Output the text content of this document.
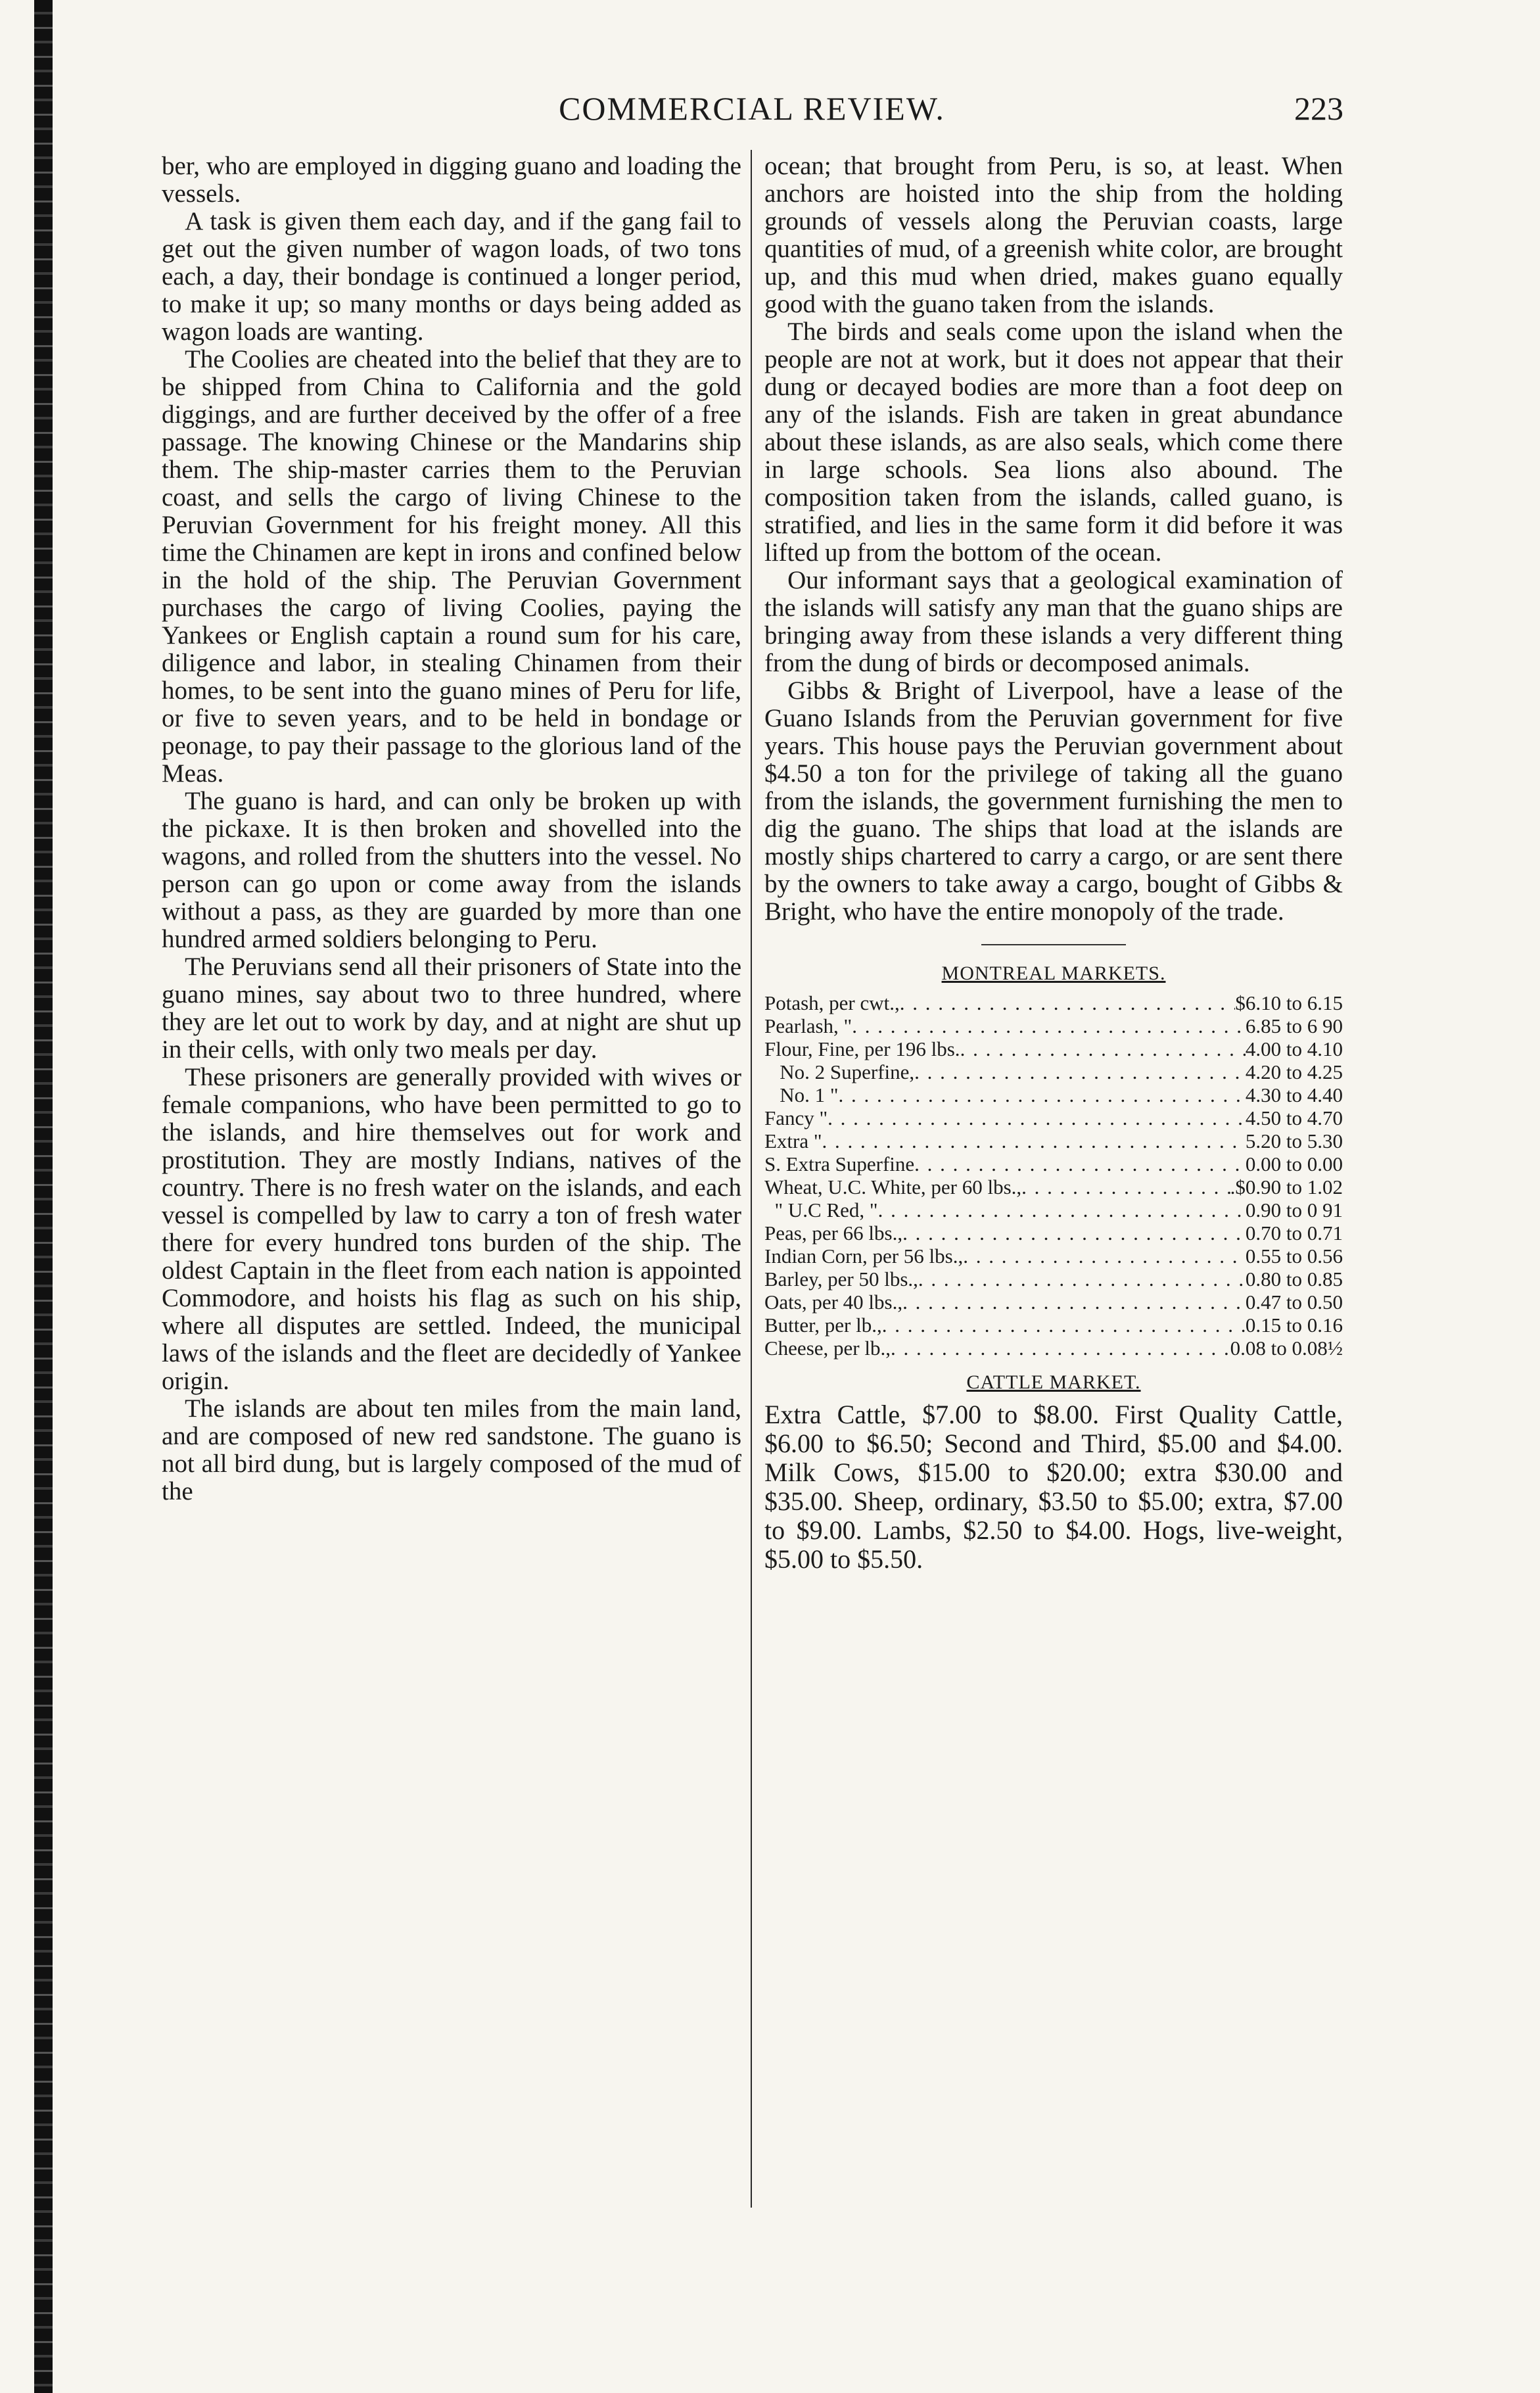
COMMERCIAL REVIEW.	223

ber, who are employed in digging guano and loading the vessels.

A task is given them each day, and if the gang fail to get out the given number of wagon loads, of two tons each, a day, their bondage is continued a longer period, to make it up; so many months or days being added as wagon loads are wanting.

The Coolies are cheated into the belief that they are to be shipped from China to California and the gold diggings, and are further deceived by the offer of a free passage. The knowing Chinese or the Mandarins ship them. The ship-master carries them to the Peruvian coast, and sells the cargo of living Chinese to the Peruvian Government for his freight money. All this time the Chinamen are kept in irons and confined below in the hold of the ship. The Peruvian Government purchases the cargo of living Coolies, paying the Yankees or English captain a round sum for his care, diligence and labor, in stealing Chinamen from their homes, to be sent into the guano mines of Peru for life, or five to seven years, and to be held in bondage or peonage, to pay their passage to the glorious land of the Meas.

The guano is hard, and can only be broken up with the pickaxe. It is then broken and shovelled into the wagons, and rolled from the shutters into the vessel. No person can go upon or come away from the islands without a pass, as they are guarded by more than one hundred armed soldiers belonging to Peru.

The Peruvians send all their prisoners of State into the guano mines, say about two to three hundred, where they are let out to work by day, and at night are shut up in their cells, with only two meals per day.

These prisoners are generally provided with wives or female companions, who have been permitted to go to the islands, and hire themselves out for work and prostitution. They are mostly Indians, natives of the country. There is no fresh water on the islands, and each vessel is compelled by law to carry a ton of fresh water there for every hundred tons burden of the ship. The oldest Captain in the fleet from each nation is appointed Commodore, and hoists his flag as such on his ship, where all disputes are settled. Indeed, the municipal laws of the islands and the fleet are decidedly of Yankee origin.

The islands are about ten miles from the main land, and are composed of new red sandstone. The guano is not all bird dung, but is largely composed of the mud of the

ocean; that brought from Peru, is so, at least. When anchors are hoisted into the ship from the holding grounds of vessels along the Peruvian coasts, large quantities of mud, of a greenish white color, are brought up, and this mud when dried, makes guano equally good with the guano taken from the islands.

The birds and seals come upon the island when the people are not at work, but it does not appear that their dung or decayed bodies are more than a foot deep on any of the islands. Fish are taken in great abundance about these islands, as are also seals, which come there in large schools. Sea lions also abound. The composition taken from the islands, called guano, is stratified, and lies in the same form it did before it was lifted up from the bottom of the ocean.

Our informant says that a geological examination of the islands will satisfy any man that the guano ships are bringing away from these islands a very different thing from the dung of birds or decomposed animals.

Gibbs & Bright of Liverpool, have a lease of the Guano Islands from the Peruvian government for five years. This house pays the Peruvian government about $4.50 a ton for the privilege of taking all the guano from the islands, the government furnishing the men to dig the guano. The ships that load at the islands are mostly ships chartered to carry a cargo, or are sent there by the owners to take away a cargo, bought of Gibbs & Bright, who have the entire monopoly of the trade.

MONTREAL MARKETS.
Potash, per cwt., . . .	$6.10 to 6.15
Pearlash, " . . .	6.85 to 6 90
Flour, Fine, per 196 lbs. . . .	4.00 to 4.10
No. 2 Superfine, . . .	4.20 to 4.25
No. 1 " . . .	4.30 to 4.40
Fancy " . . .	4.50 to 4.70
Extra " . . .	5.20 to 5.30
S. Extra Superfine . . .	0.00 to 0.00
Wheat, U.C. White, per 60 lbs., . . .	.$0.90 to 1.02
" U.C Red, " . . .	0.90 to 0 91
Peas, per 66 lbs., . . .	0.70 to 0.71
Indian Corn, per 56 lbs., . . .	0.55 to 0.56
Barley, per 50 lbs., . . .	0.80 to 0.85
Oats, per 40 lbs., . . .	0.47 to 0.50
Butter, per lb., . . .	0.15 to 0.16
Cheese, per lb., . . .	0.08 to 0.08½
CATTLE MARKET.

Extra Cattle, $7.00 to $8.00. First Quality Cattle, $6.00 to $6.50; Second and Third, $5.00 and $4.00. Milk Cows, $15.00 to $20.00; extra $30.00 and $35.00. Sheep, ordinary, $3.50 to $5.00; extra, $7.00 to $9.00. Lambs, $2.50 to $4.00. Hogs, live-weight, $5.00 to $5.50.
